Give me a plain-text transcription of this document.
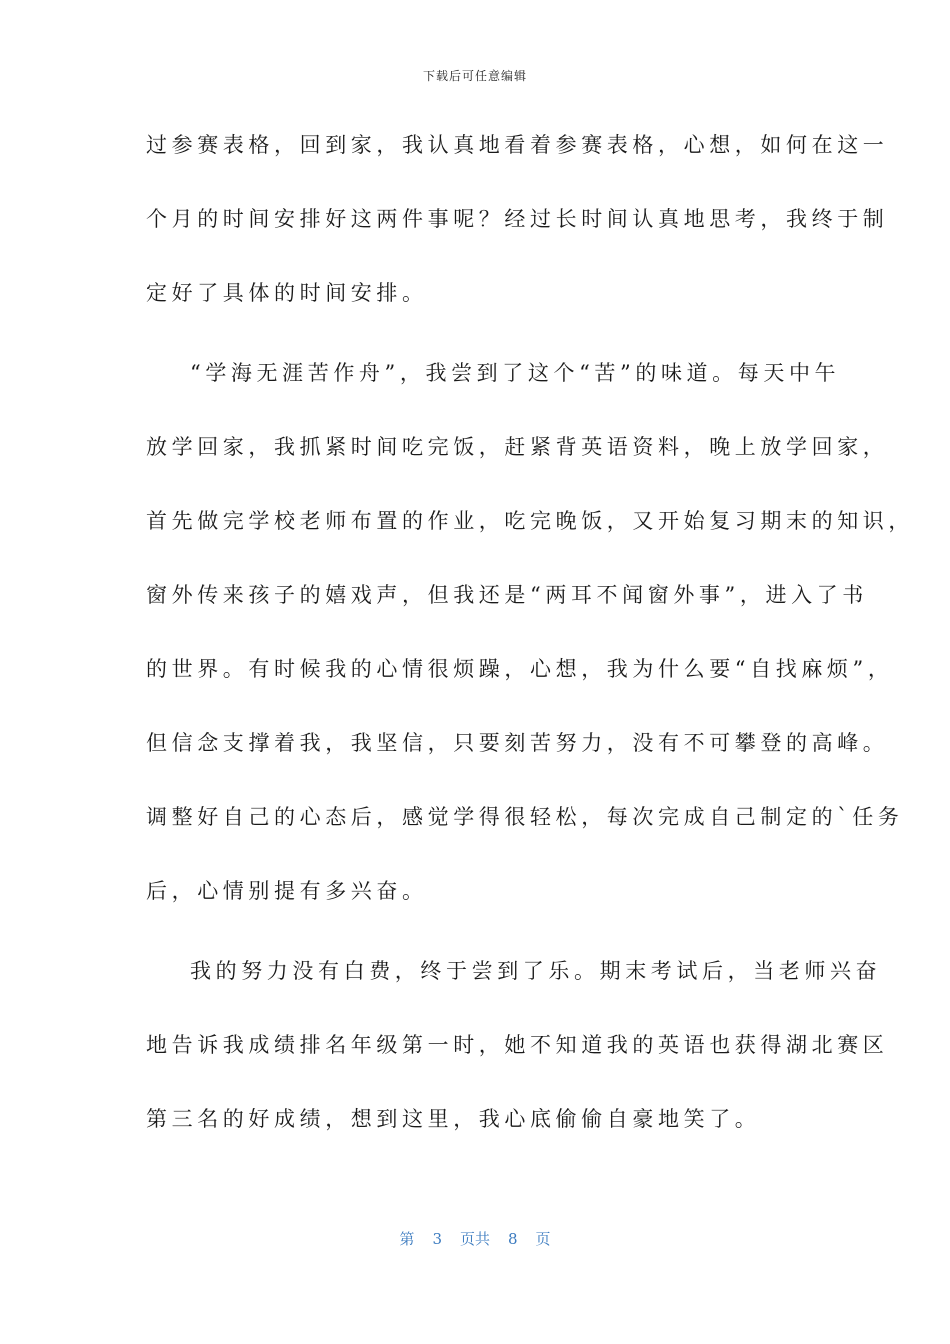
下载后可任意编辑
过参赛表格，回到家，我认真地看着参赛表格，心想，如何在这一
个月的时间安排好这两件事呢？经过长时间认真地思考，我终于制
定好了具体的时间安排。
“学海无涯苦作舟”，我尝到了这个“苦”的味道。每天中午
放学回家，我抓紧时间吃完饭，赶紧背英语资料，晚上放学回家，
首先做完学校老师布置的作业，吃完晚饭，又开始复习期末的知识，
窗外传来孩子的嬉戏声，但我还是“两耳不闻窗外事”，进入了书
的世界。有时候我的心情很烦躁，心想，我为什么要“自找麻烦”，
但信念支撑着我，我坚信，只要刻苦努力，没有不可攀登的高峰。
调整好自己的心态后，感觉学得很轻松，每次完成自己制定的`任务
后，心情别提有多兴奋。
我的努力没有白费，终于尝到了乐。期末考试后，当老师兴奋
地告诉我成绩排名年级第一时，她不知道我的英语也获得湖北赛区
第三名的好成绩，想到这里，我心底偷偷自豪地笑了。
第 3 页共 8 页
